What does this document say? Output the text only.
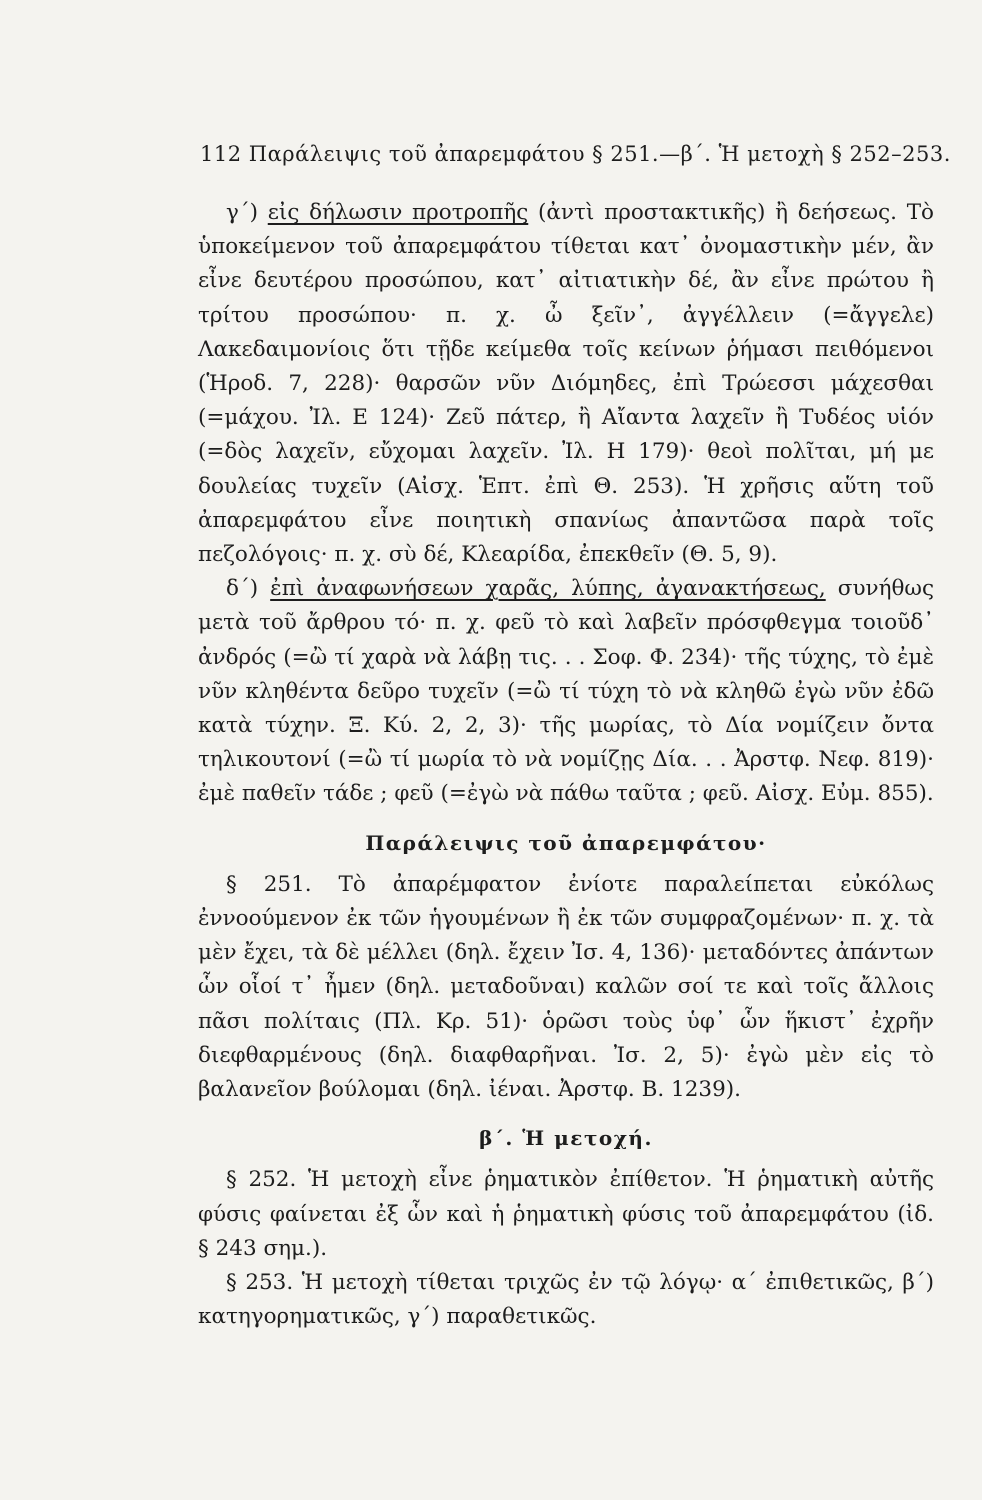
112 Παράλειψις τοῦ ἀπαρεμφάτου § 251.—β΄. Ἡ μετοχὴ § 252–253.

γ΄) εἰς δήλωσιν προτροπῆς (ἀντὶ προστακτικῆς) ἢ δεήσεως. Τὸ ὑποκείμενον τοῦ ἀπαρεμφάτου τίθεται κατ᾽ ὀνομαστικὴν μέν, ἂν εἶνε δευτέρου προσώπου, κατ᾽ αἰτιατικὴν δέ, ἂν εἶνε πρώτου ἢ τρίτου προσώπου· π. χ. ὦ ξεῖν᾽, ἀγγέλλειν (=ἄγγελε) Λακεδαιμονίοις ὅτι τῇδε κείμεθα τοῖς κείνων ῥήμασι πειθόμενοι (Ἡροδ. 7, 228)· θαρσῶν νῦν Διόμηδες, ἐπὶ Τρώεσσι μάχεσθαι (=μάχου. Ἰλ. Ε 124)· Ζεῦ πάτερ, ἢ Αἴαντα λαχεῖν ἢ Τυδέος υἱόν (=δὸς λαχεῖν, εὔχομαι λαχεῖν. Ἰλ. Η 179)· θεοὶ πολῖται, μή με δουλείας τυχεῖν (Αἰσχ. Ἑπτ. ἐπὶ Θ. 253). Ἡ χρῆσις αὕτη τοῦ ἀπαρεμφάτου εἶνε ποιητικὴ σπανίως ἀπαντῶσα παρὰ τοῖς πεζολόγοις· π. χ. σὺ δέ, Κλεαρίδα, ἐπεκθεῖν (Θ. 5, 9).

δ΄) ἐπὶ ἀναφωνήσεων χαρᾶς, λύπης, ἀγανακτήσεως, συνήθως μετὰ τοῦ ἄρθρου τό· π. χ. φεῦ τὸ καὶ λαβεῖν πρόσφθεγμα τοιοῦδ᾽ ἀνδρός (=ὢ τί χαρὰ νὰ λάβῃ τις. . . Σοφ. Φ. 234)· τῆς τύχης, τὸ ἐμὲ νῦν κληθέντα δεῦρο τυχεῖν (=ὢ τί τύχη τὸ νὰ κληθῶ ἐγὼ νῦν ἐδῶ κατὰ τύχην. Ξ. Κύ. 2, 2, 3)· τῆς μωρίας, τὸ Δία νομίζειν ὄντα τηλικουτονί (=ὢ τί μωρία τὸ νὰ νομίζῃς Δία. . . Ἀρστφ. Νεφ. 819)· ἐμὲ παθεῖν τάδε ; φεῦ (=ἐγὼ νὰ πάθω ταῦτα ; φεῦ. Αἰσχ. Εὐμ. 855).

Παράλειψις τοῦ ἀπαρεμφάτου·

§ 251. Τὸ ἀπαρέμφατον ἐνίοτε παραλείπεται εὐκόλως ἐννοούμενον ἐκ τῶν ἡγουμένων ἢ ἐκ τῶν συμφραζομένων· π. χ. τὰ μὲν ἔχει, τὰ δὲ μέλλει (δηλ. ἔχειν Ἰσ. 4, 136)· μεταδόντες ἀπάντων ὧν οἷοί τ᾽ ἦμεν (δηλ. μεταδοῦναι) καλῶν σοί τε καὶ τοῖς ἄλλοις πᾶσι πολίταις (Πλ. Κρ. 51)· ὁρῶσι τοὺς ὑφ᾽ ὧν ἥκιστ᾽ ἐχρῆν διεφθαρμένους (δηλ. διαφθαρῆναι. Ἰσ. 2, 5)· ἐγὼ μὲν εἰς τὸ βαλανεῖον βούλομαι (δηλ. ἰέναι. Ἀρστφ. Β. 1239).

β΄. Ἡ μετοχή.

§ 252. Ἡ μετοχὴ εἶνε ῥηματικὸν ἐπίθετον. Ἡ ῥηματικὴ αὐτῆς φύσις φαίνεται ἐξ ὧν καὶ ἡ ῥηματικὴ φύσις τοῦ ἀπαρεμφάτου (ἰδ. § 243 σημ.).

§ 253. Ἡ μετοχὴ τίθεται τριχῶς ἐν τῷ λόγῳ· α΄ ἐπιθετικῶς, β΄) κατηγορηματικῶς, γ΄) παραθετικῶς.
